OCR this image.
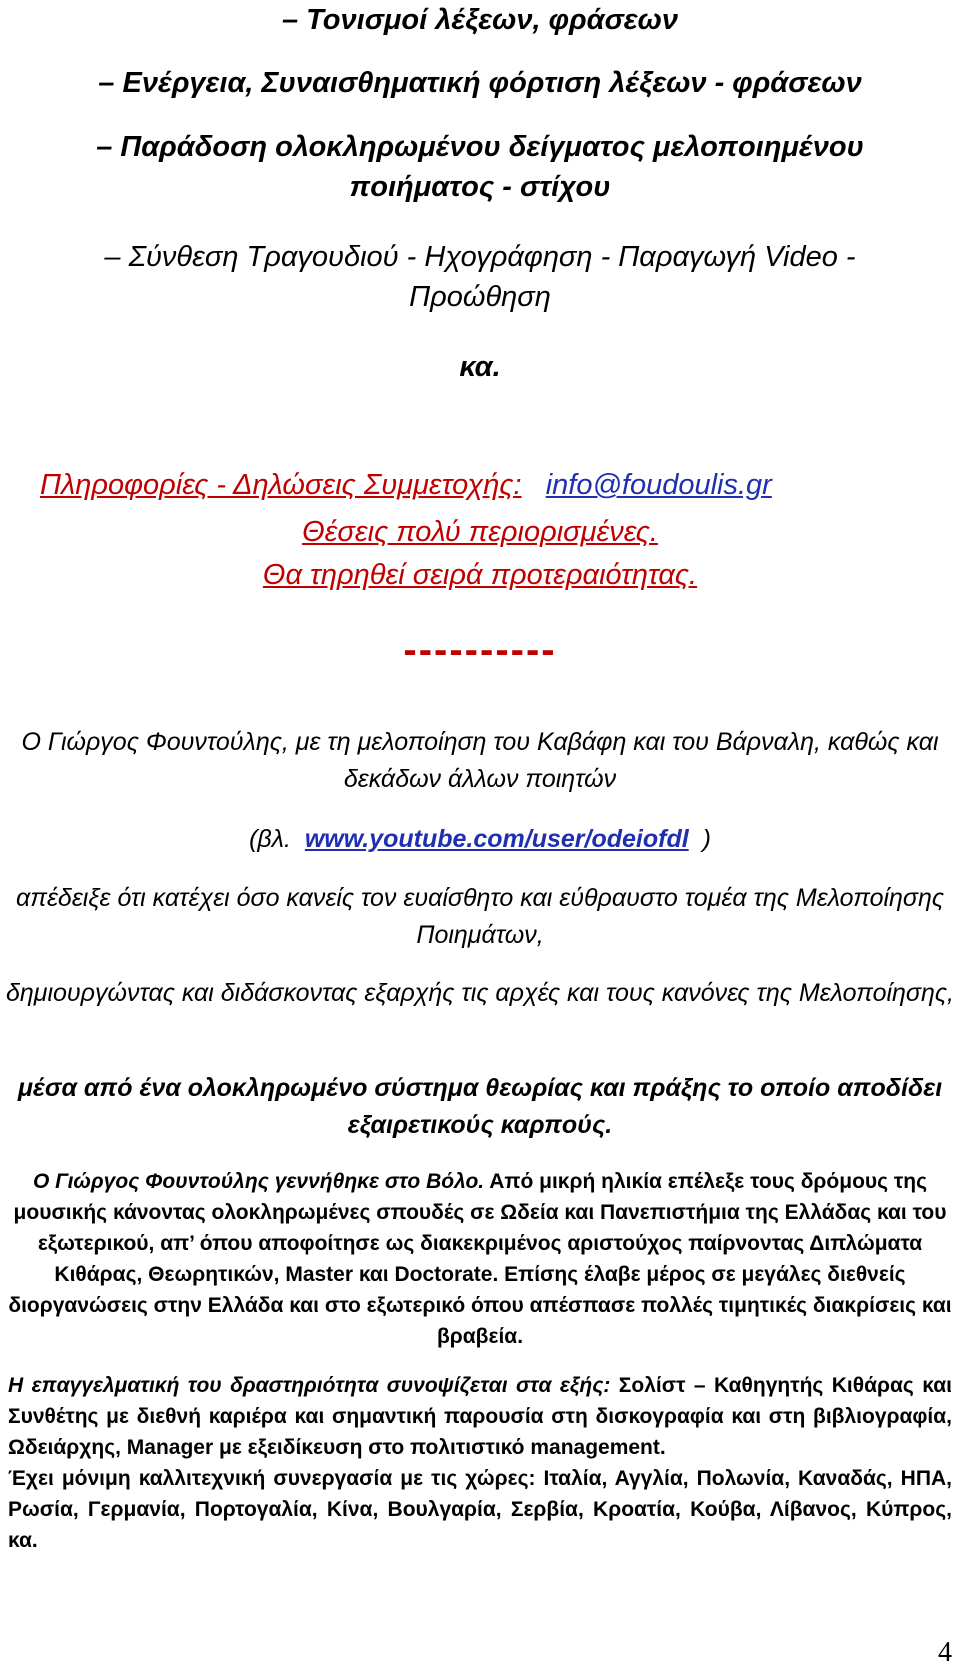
– Τονισμοί λέξεων, φράσεων
– Ενέργεια, Συναισθηματική φόρτιση λέξεων - φράσεων
– Παράδοση ολοκληρωμένου δείγματος μελοποιημένου ποιήματος - στίχου
– Σύνθεση Τραγουδιού - Ηχογράφηση - Παραγωγή Video - Προώθηση
κα.
Πληροφορίες - Δηλώσεις Συμμετοχής: info@foudoulis.gr
Θέσεις πολύ περιορισμένες.
Θα τηρηθεί σειρά προτεραιότητας.
----------
Ο Γιώργος Φουντούλης, με τη μελοποίηση του Καβάφη και του Βάρναλη, καθώς και δεκάδων άλλων ποιητών
(βλ. www.youtube.com/user/odeiofdl )
απέδειξε ότι κατέχει όσο κανείς τον ευαίσθητο και εύθραυστο τομέα της Μελοποίησης Ποιημάτων,
δημιουργώντας και διδάσκοντας εξαρχής τις αρχές και τους κανόνες της Μελοποίησης,
μέσα από ένα ολοκληρωμένο σύστημα θεωρίας και πράξης το οποίο αποδίδει εξαιρετικούς καρπούς.
Ο Γιώργος Φουντούλης γεννήθηκε στο Βόλο. Από μικρή ηλικία επέλεξε τους δρόμους της μουσικής κάνοντας ολοκληρωμένες σπουδές σε Ωδεία και Πανεπιστήμια της Ελλάδας και του εξωτερικού, απ’ όπου αποφοίτησε ως διακεκριμένος αριστούχος παίρνοντας Διπλώματα Κιθάρας, Θεωρητικών, Master και Doctorate. Επίσης έλαβε μέρος σε μεγάλες διεθνείς διοργανώσεις στην Ελλάδα και στο εξωτερικό όπου απέσπασε πολλές τιμητικές διακρίσεις και βραβεία.
Η επαγγελματική του δραστηριότητα συνοψίζεται στα εξής: Σολίστ – Καθηγητής Κιθάρας και Συνθέτης με διεθνή καριέρα και σημαντική παρουσία στη δισκογραφία και στη βιβλιογραφία, Ωδειάρχης, Manager με εξειδίκευση στο πολιτιστικό management.
Έχει μόνιμη καλλιτεχνική συνεργασία με τις χώρες: Ιταλία, Αγγλία, Πολωνία, Καναδάς, ΗΠΑ, Ρωσία, Γερμανία, Πορτογαλία, Κίνα, Βουλγαρία, Σερβία, Κροατία, Κούβα, Λίβανος, Κύπρος, κα.
4
